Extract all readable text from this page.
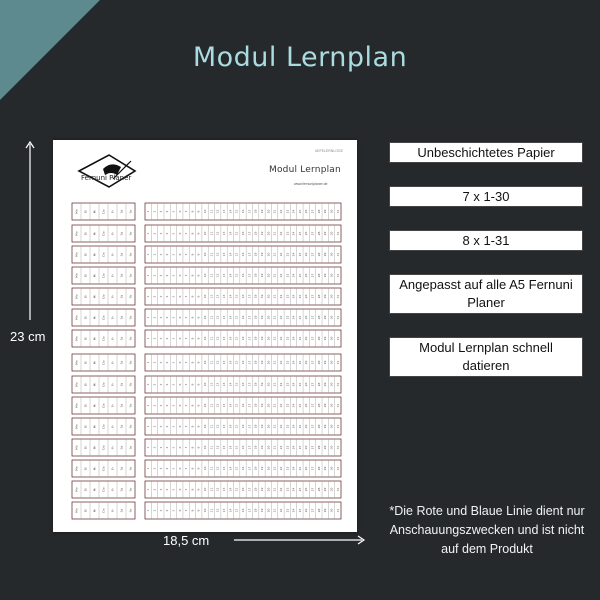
Modul Lernplan
23 cm
18,5 cm
Fernuni Planer
#EFELERNLOGE
Modul Lernplan
www.fernuniplaner.de
Mo Di Mi Do Fr Sa So	1 2 3 4 5 6 7 8 9 10 11 12 13 14 15 16 17 18 19 20 21 22 23 24 25 26 27 28 29 30 31
Mo Di Mi Do Fr Sa So	1 2 3 4 5 6 7 8 9 10 11 12 13 14 15 16 17 18 19 20 21 22 23 24 25 26 27 28 29 30 31
Mo Di Mi Do Fr Sa So	1 2 3 4 5 6 7 8 9 10 11 12 13 14 15 16 17 18 19 20 21 22 23 24 25 26 27 28 29 30 31
Mo Di Mi Do Fr Sa So	1 2 3 4 5 6 7 8 9 10 11 12 13 14 15 16 17 18 19 20 21 22 23 24 25 26 27 28 29 30 31
Mo Di Mi Do Fr Sa So	1 2 3 4 5 6 7 8 9 10 11 12 13 14 15 16 17 18 19 20 21 22 23 24 25 26 27 28 29 30 31
Mo Di Mi Do Fr Sa So	1 2 3 4 5 6 7 8 9 10 11 12 13 14 15 16 17 18 19 20 21 22 23 24 25 26 27 28 29 30 31
Mo Di Mi Do Fr Sa So	1 2 3 4 5 6 7 8 9 10 11 12 13 14 15 16 17 18 19 20 21 22 23 24 25 26 27 28 29 30 31
Mo Di Mi Do Fr Sa So	1 2 3 4 5 6 7 8 9 10 11 12 13 14 15 16 17 18 19 20 21 22 23 24 25 26 27 28 29 30 31
Mo Di Mi Do Fr Sa So	1 2 3 4 5 6 7 8 9 10 11 12 13 14 15 16 17 18 19 20 21 22 23 24 25 26 27 28 29 30 31
Mo Di Mi Do Fr Sa So	1 2 3 4 5 6 7 8 9 10 11 12 13 14 15 16 17 18 19 20 21 22 23 24 25 26 27 28 29 30 31
Mo Di Mi Do Fr Sa So	1 2 3 4 5 6 7 8 9 10 11 12 13 14 15 16 17 18 19 20 21 22 23 24 25 26 27 28 29 30 31
Mo Di Mi Do Fr Sa So	1 2 3 4 5 6 7 8 9 10 11 12 13 14 15 16 17 18 19 20 21 22 23 24 25 26 27 28 29 30 31
Mo Di Mi Do Fr Sa So	1 2 3 4 5 6 7 8 9 10 11 12 13 14 15 16 17 18 19 20 21 22 23 24 25 26 27 28 29 30 31
Mo Di Mi Do Fr Sa So	1 2 3 4 5 6 7 8 9 10 11 12 13 14 15 16 17 18 19 20 21 22 23 24 25 26 27 28 29 30 31
Mo Di Mi Do Fr Sa So	1 2 3 4 5 6 7 8 9 10 11 12 13 14 15 16 17 18 19 20 21 22 23 24 25 26 27 28 29 30 31
Unbeschichtetes Papier
7 x 1-30
8 x 1-31
Angepasst auf alle A5 Fernuni Planer
Modul Lernplan schnell datieren
*Die Rote und Blaue Linie dient nur Anschauungszwecken und ist nicht auf dem Produkt
